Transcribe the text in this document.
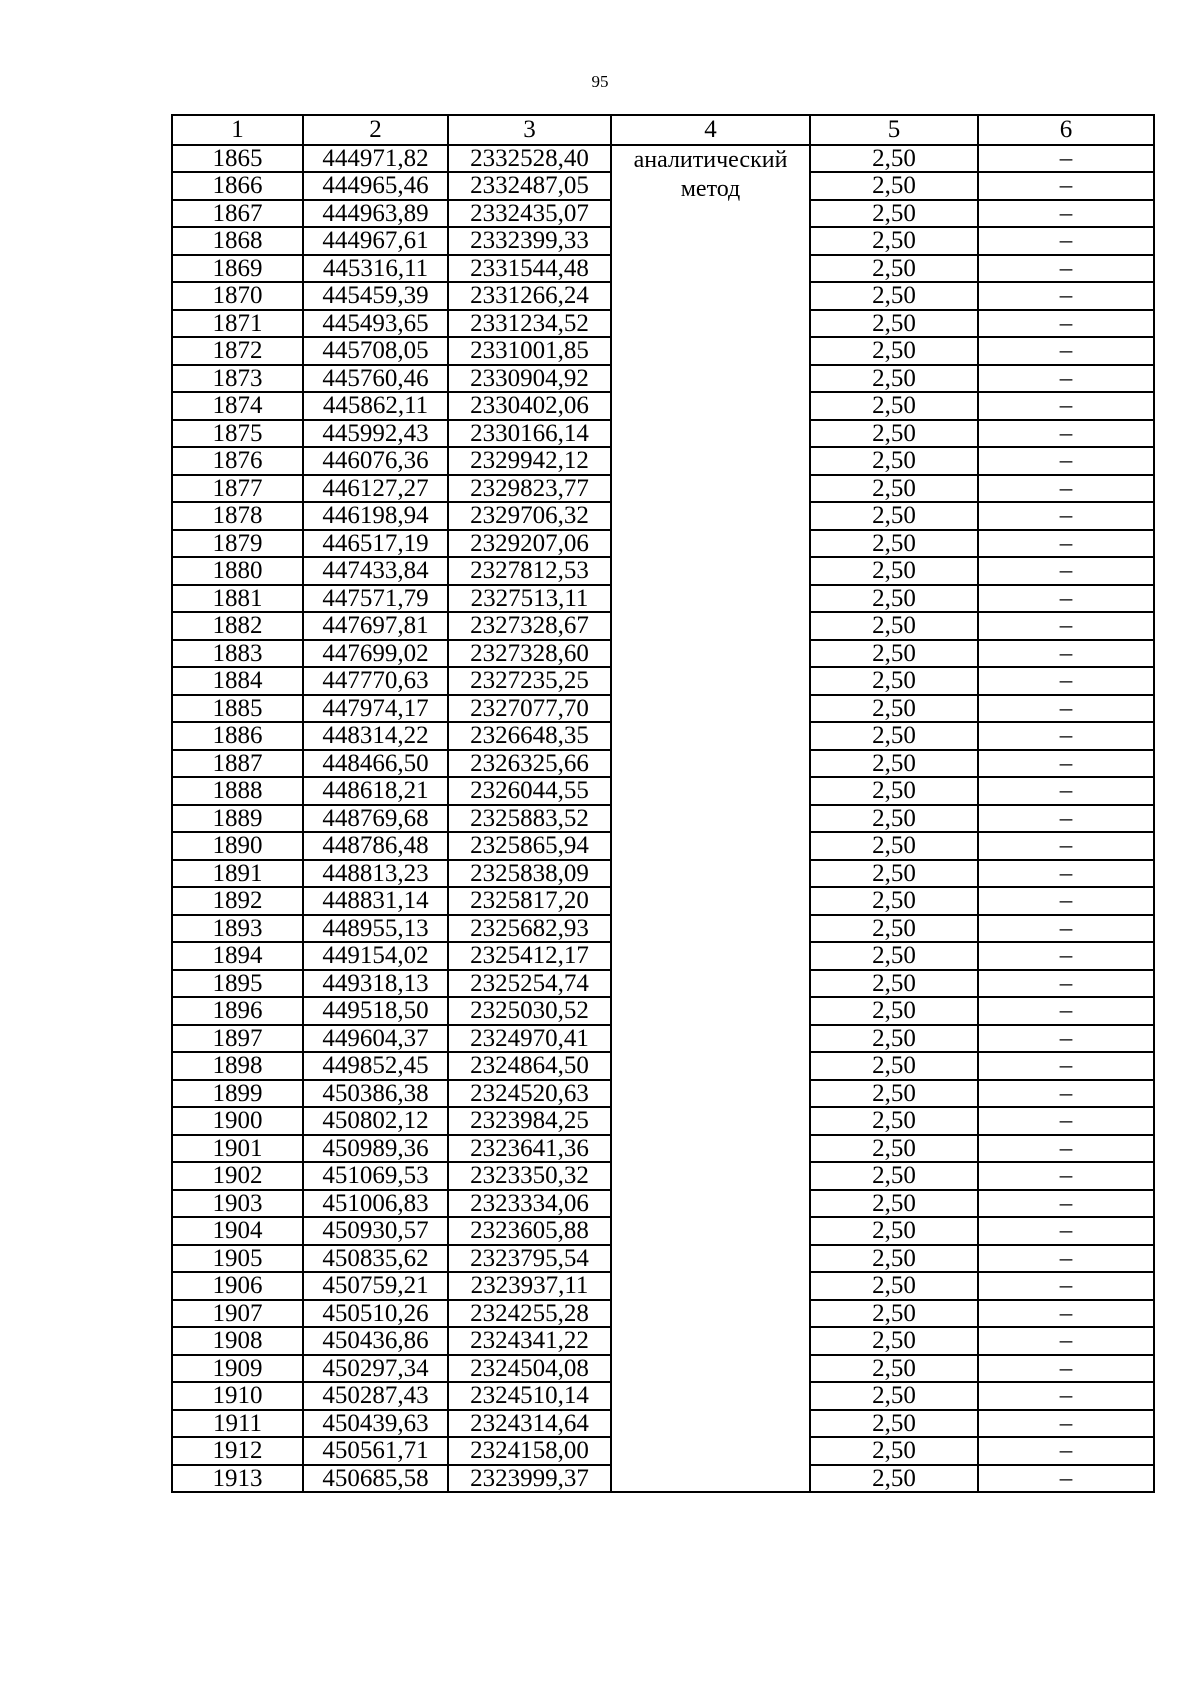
95
1	2	3	4	5	6
1865	444971,82	2332528,40	аналитический метод	2,50	–
1866	444965,46	2332487,05		2,50	–
1867	444963,89	2332435,07		2,50	–
1868	444967,61	2332399,33		2,50	–
1869	445316,11	2331544,48		2,50	–
1870	445459,39	2331266,24		2,50	–
1871	445493,65	2331234,52		2,50	–
1872	445708,05	2331001,85		2,50	–
1873	445760,46	2330904,92		2,50	–
1874	445862,11	2330402,06		2,50	–
1875	445992,43	2330166,14		2,50	–
1876	446076,36	2329942,12		2,50	–
1877	446127,27	2329823,77		2,50	–
1878	446198,94	2329706,32		2,50	–
1879	446517,19	2329207,06		2,50	–
1880	447433,84	2327812,53		2,50	–
1881	447571,79	2327513,11		2,50	–
1882	447697,81	2327328,67		2,50	–
1883	447699,02	2327328,60		2,50	–
1884	447770,63	2327235,25		2,50	–
1885	447974,17	2327077,70		2,50	–
1886	448314,22	2326648,35		2,50	–
1887	448466,50	2326325,66		2,50	–
1888	448618,21	2326044,55		2,50	–
1889	448769,68	2325883,52		2,50	–
1890	448786,48	2325865,94		2,50	–
1891	448813,23	2325838,09		2,50	–
1892	448831,14	2325817,20		2,50	–
1893	448955,13	2325682,93		2,50	–
1894	449154,02	2325412,17		2,50	–
1895	449318,13	2325254,74		2,50	–
1896	449518,50	2325030,52		2,50	–
1897	449604,37	2324970,41		2,50	–
1898	449852,45	2324864,50		2,50	–
1899	450386,38	2324520,63		2,50	–
1900	450802,12	2323984,25		2,50	–
1901	450989,36	2323641,36		2,50	–
1902	451069,53	2323350,32		2,50	–
1903	451006,83	2323334,06		2,50	–
1904	450930,57	2323605,88		2,50	–
1905	450835,62	2323795,54		2,50	–
1906	450759,21	2323937,11		2,50	–
1907	450510,26	2324255,28		2,50	–
1908	450436,86	2324341,22		2,50	–
1909	450297,34	2324504,08		2,50	–
1910	450287,43	2324510,14		2,50	–
1911	450439,63	2324314,64		2,50	–
1912	450561,71	2324158,00		2,50	–
1913	450685,58	2323999,37		2,50	–
